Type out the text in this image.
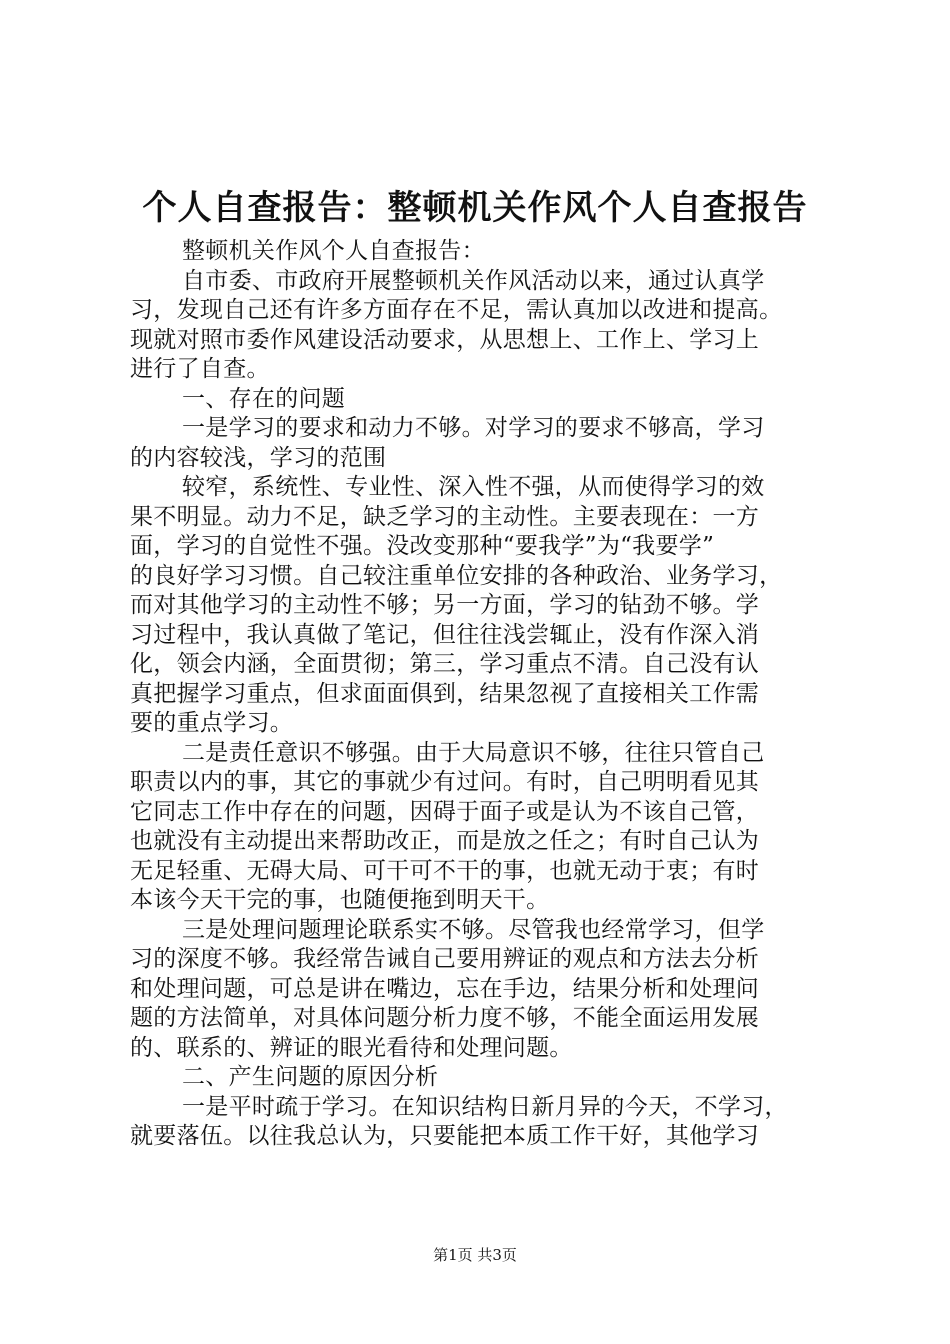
个人自查报告：整顿机关作风个人自查报告
整顿机关作风个人自查报告：
自市委、市政府开展整顿机关作风活动以来，通过认真学
习，发现自己还有许多方面存在不足，需认真加以改进和提高。
现就对照市委作风建设活动要求，从思想上、工作上、学习上
进行了自查。
一、存在的问题
一是学习的要求和动力不够。对学习的要求不够高，学习
的内容较浅，学习的范围
较窄，系统性、专业性、深入性不强，从而使得学习的效
果不明显。动力不足，缺乏学习的主动性。主要表现在：一方
面，学习的自觉性不强。没改变那种“要我学”为“我要学”
的良好学习习惯。自己较注重单位安排的各种政治、业务学习，
而对其他学习的主动性不够；另一方面，学习的钻劲不够。学
习过程中，我认真做了笔记，但往往浅尝辄止，没有作深入消
化，领会内涵，全面贯彻；第三，学习重点不清。自己没有认
真把握学习重点，但求面面俱到，结果忽视了直接相关工作需
要的重点学习。
二是责任意识不够强。由于大局意识不够，往往只管自己
职责以内的事，其它的事就少有过问。有时，自己明明看见其
它同志工作中存在的问题，因碍于面子或是认为不该自己管，
也就没有主动提出来帮助改正，而是放之任之；有时自己认为
无足轻重、无碍大局、可干可不干的事，也就无动于衷；有时
本该今天干完的事，也随便拖到明天干。
三是处理问题理论联系实不够。尽管我也经常学习，但学
习的深度不够。我经常告诫自己要用辨证的观点和方法去分析
和处理问题，可总是讲在嘴边，忘在手边，结果分析和处理问
题的方法简单，对具体问题分析力度不够，不能全面运用发展
的、联系的、辨证的眼光看待和处理问题。
二、产生问题的原因分析
一是平时疏于学习。在知识结构日新月异的今天，不学习，
就要落伍。以往我总认为，只要能把本质工作干好，其他学习
第1页 共3页
